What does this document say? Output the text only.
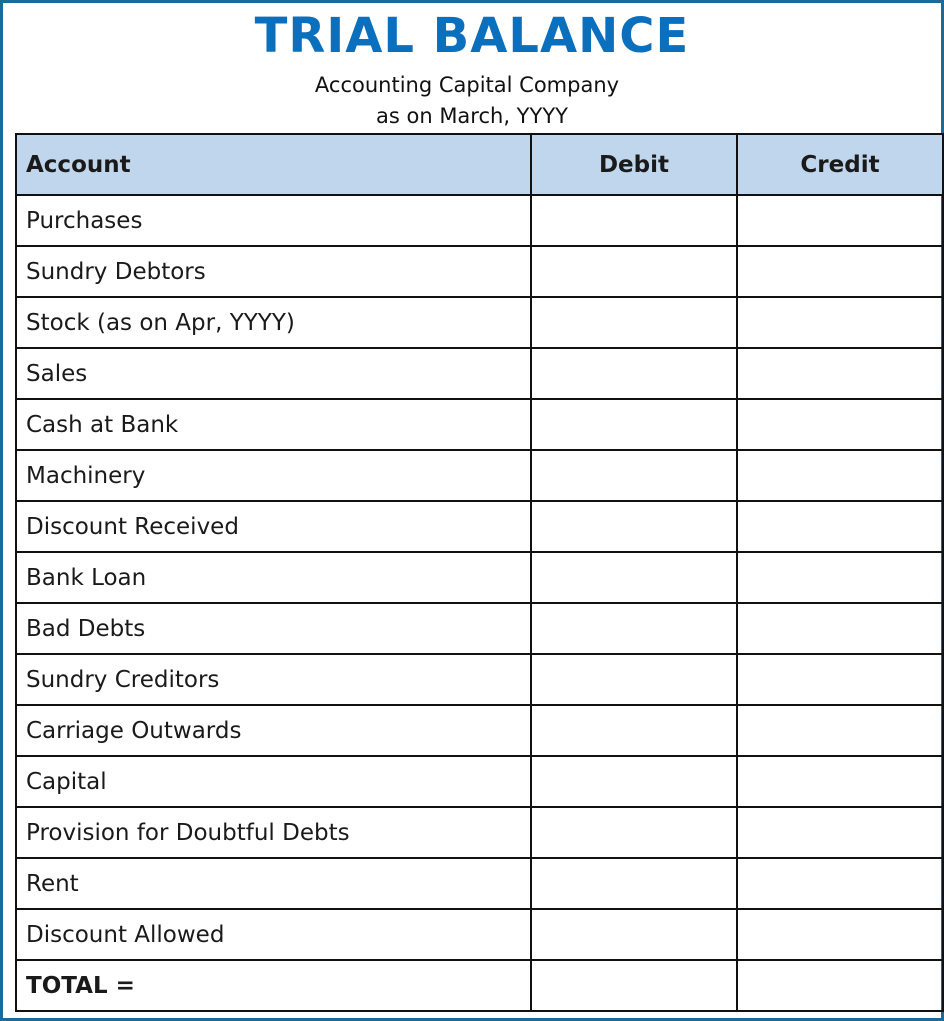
TRIAL BALANCE
Accounting Capital Company
as on March, YYYY
Account	Debit	Credit
Purchases		
Sundry Debtors		
Stock (as on Apr, YYYY)		
Sales		
Cash at Bank		
Machinery		
Discount Received		
Bank Loan		
Bad Debts		
Sundry Creditors		
Carriage Outwards		
Capital		
Provision for Doubtful Debts		
Rent		
Discount Allowed		
TOTAL =		
